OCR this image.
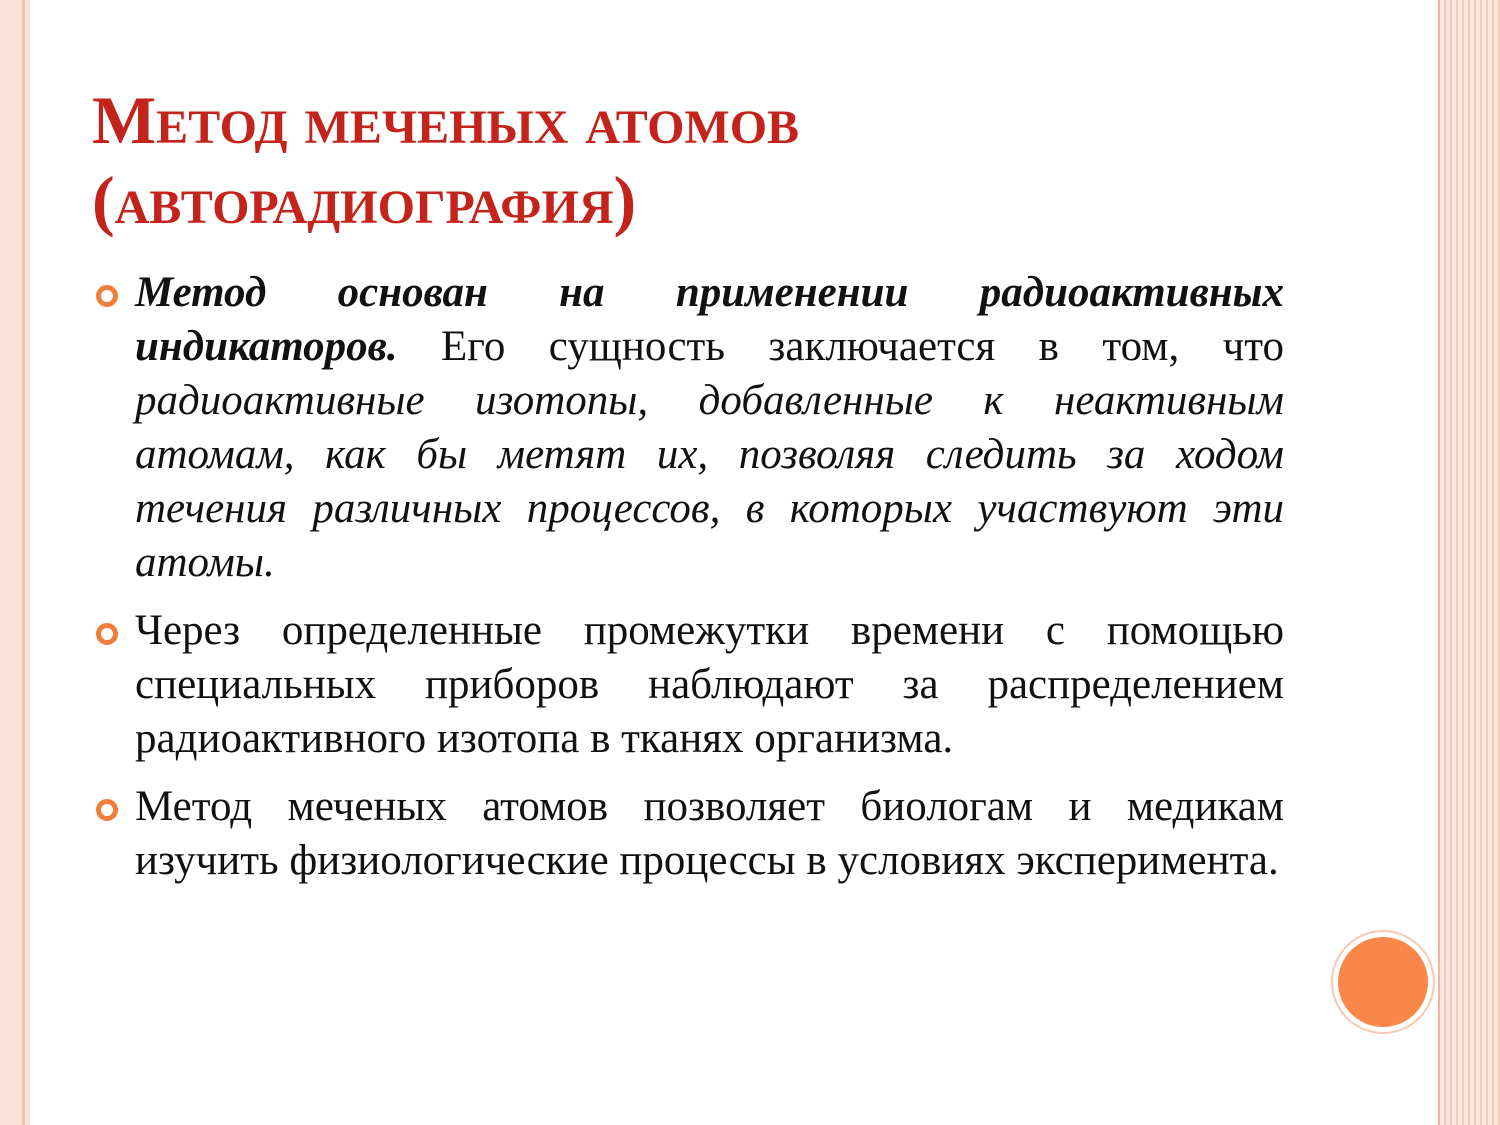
Метод меченых атомов
(авторадиография)
Метод основан на применении радиоактивных индикаторов. Его сущность заключается в том, что радиоактивные изотопы, добавленные к неактивным атомам, как бы метят их, позволяя следить за ходом течения различных процессов, в которых участвуют эти атомы.
Через определенные промежутки времени с помощью специальных приборов наблюдают за распределением радиоактивного изотопа в тканях организма.
Метод меченых атомов позволяет биологам и медикам изучить физиологические процессы в условиях эксперимента.
